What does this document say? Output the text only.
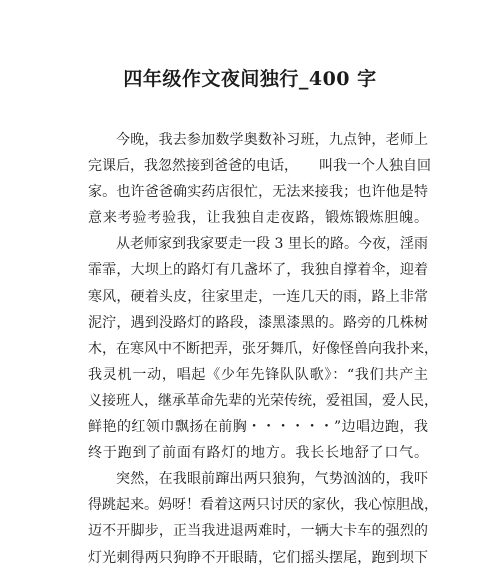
四年级作文夜间独行_400 字
今晚，我去参加数学奥数补习班，九点钟，老师上
完课后，我忽然接到爸爸的电话，　　叫我一个人独自回
家。也许爸爸确实药店很忙，无法来接我；也许他是特
意来考验考验我，让我独自走夜路，锻炼锻炼胆魄。
从老师家到我家要走一段 3 里长的路。今夜，淫雨
霏霏，大坝上的路灯有几盏坏了，我独自撑着伞，迎着
寒风，硬着头皮，往家里走，一连几天的雨，路上非常
泥泞，遇到没路灯的路段，漆黑漆黑的。路旁的几株树
木，在寒风中不断把弄，张牙舞爪，好像怪兽向我扑来，
我灵机一动，唱起《少年先锋队队歌》：“我们共产主
义接班人，继承革命先辈的光荣传统，爱祖国，爱人民，
鲜艳的红领巾飘扬在前胸・・・・・・”边唱边跑，我
终于跑到了前面有路灯的地方。我长长地舒了口气。
突然，在我眼前蹿出两只狼狗，气势汹汹的，我吓
得跳起来。妈呀！看着这两只讨厌的家伙，我心惊胆战，
迈不开脚步，正当我进退两难时，一辆大卡车的强烈的
灯光刺得两只狗睁不开眼睛，它们摇头摆尾，跑到坝下
